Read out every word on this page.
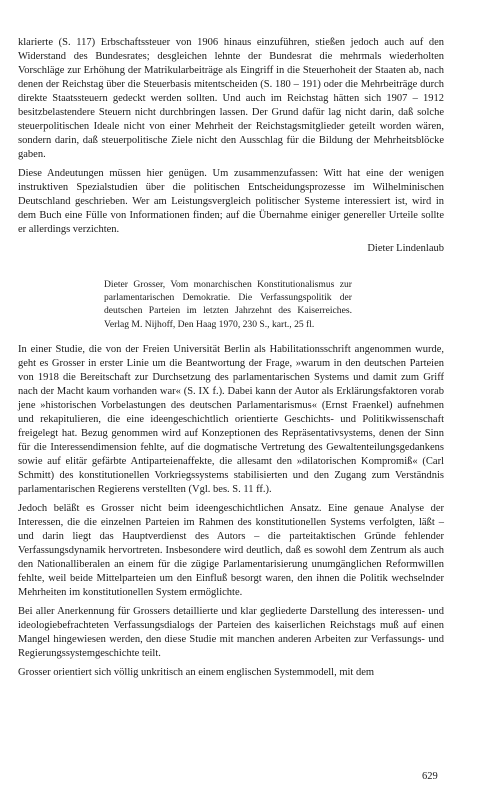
klarierte (S. 117) Erbschaftssteuer von 1906 hinaus einzuführen, stießen jedoch auch auf den Widerstand des Bundesrates; desgleichen lehnte der Bundesrat die mehrmals wiederholten Vorschläge zur Erhöhung der Matrikularbeiträge als Eingriff in die Steuerhoheit der Staaten ab, nach denen der Reichstag über die Steuerbasis mitentscheiden (S. 180 – 191) oder die Mehrbeiträge durch direkte Staatssteuern gedeckt werden sollten. Und auch im Reichstag hätten sich 1907 – 1912 besitzbelastendere Steuern nicht durchbringen lassen. Der Grund dafür lag nicht darin, daß solche steuerpolitischen Ideale nicht von einer Mehrheit der Reichstagsmitglieder geteilt worden wären, sondern darin, daß steuerpolitische Ziele nicht den Ausschlag für die Bildung der Mehrheitsblöcke gaben.

Diese Andeutungen müssen hier genügen. Um zusammenzufassen: Witt hat eine der wenigen instruktiven Spezialstudien über die politischen Entscheidungsprozesse im Wilhelminischen Deutschland geschrieben. Wer am Leistungsvergleich politischer Systeme interessiert ist, wird in dem Buch eine Fülle von Informationen finden; auf die Übernahme einiger genereller Urteile sollte er allerdings verzichten.

Dieter Lindenlaub
Dieter Grosser, Vom monarchischen Konstitutionalismus zur parlamentarischen Demokratie. Die Verfassungspolitik der deutschen Parteien im letzten Jahrzehnt des Kaiserreiches. Verlag M. Nijhoff, Den Haag 1970, 230 S., kart., 25 fl.

In einer Studie, die von der Freien Universität Berlin als Habilitationsschrift angenommen wurde, geht es Grosser in erster Linie um die Beantwortung der Frage, »warum in den deutschen Parteien von 1918 die Bereitschaft zur Durchsetzung des parlamentarischen Systems und damit zum Griff nach der Macht kaum vorhanden war« (S. IX f.). Dabei kann der Autor als Erklärungsfaktoren vorab jene »historischen Vorbelastungen des deutschen Parlamentarismus« (Ernst Fraenkel) aufnehmen und rekapitulieren, die eine ideengeschichtlich orientierte Geschichts- und Politikwissenschaft freigelegt hat. Bezug genommen wird auf Konzeptionen des Repräsentativsystems, denen der Sinn für die Interessendimension fehlte, auf die dogmatische Vertretung des Gewaltenteilungsgedankens sowie auf elitär gefärbte Antiparteienaffekte, die allesamt den »dilatorischen Kompromiß« (Carl Schmitt) des konstitutionellen Vorkriegssystems stabilisierten und den Zugang zum Verständnis parlamentarischen Regierens verstellten (Vgl. bes. S. 11 ff.).

Jedoch beläßt es Grosser nicht beim ideengeschichtlichen Ansatz. Eine genaue Analyse der Interessen, die die einzelnen Parteien im Rahmen des konstitutionellen Systems verfolgten, läßt – und darin liegt das Hauptverdienst des Autors – die parteitaktischen Gründe fehlender Verfassungsdynamik hervortreten. Insbesondere wird deutlich, daß es sowohl dem Zentrum als auch den Nationalliberalen an einem für die zügige Parlamentarisierung unumgänglichen Reformwillen fehlte, weil beide Mittelparteien um den Einfluß besorgt waren, den ihnen die Politik wechselnder Mehrheiten im konstitutionellen System ermöglichte.

Bei aller Anerkennung für Grossers detaillierte und klar gegliederte Darstellung des interessen- und ideologiebefrachteten Verfassungsdialogs der Parteien des kaiserlichen Reichstags muß auf einen Mangel hingewiesen werden, den diese Studie mit manchen anderen Arbeiten zur Verfassungs- und Regierungssystemgeschichte teilt.

Grosser orientiert sich völlig unkritisch an einem englischen Systemmodell, mit dem

629
